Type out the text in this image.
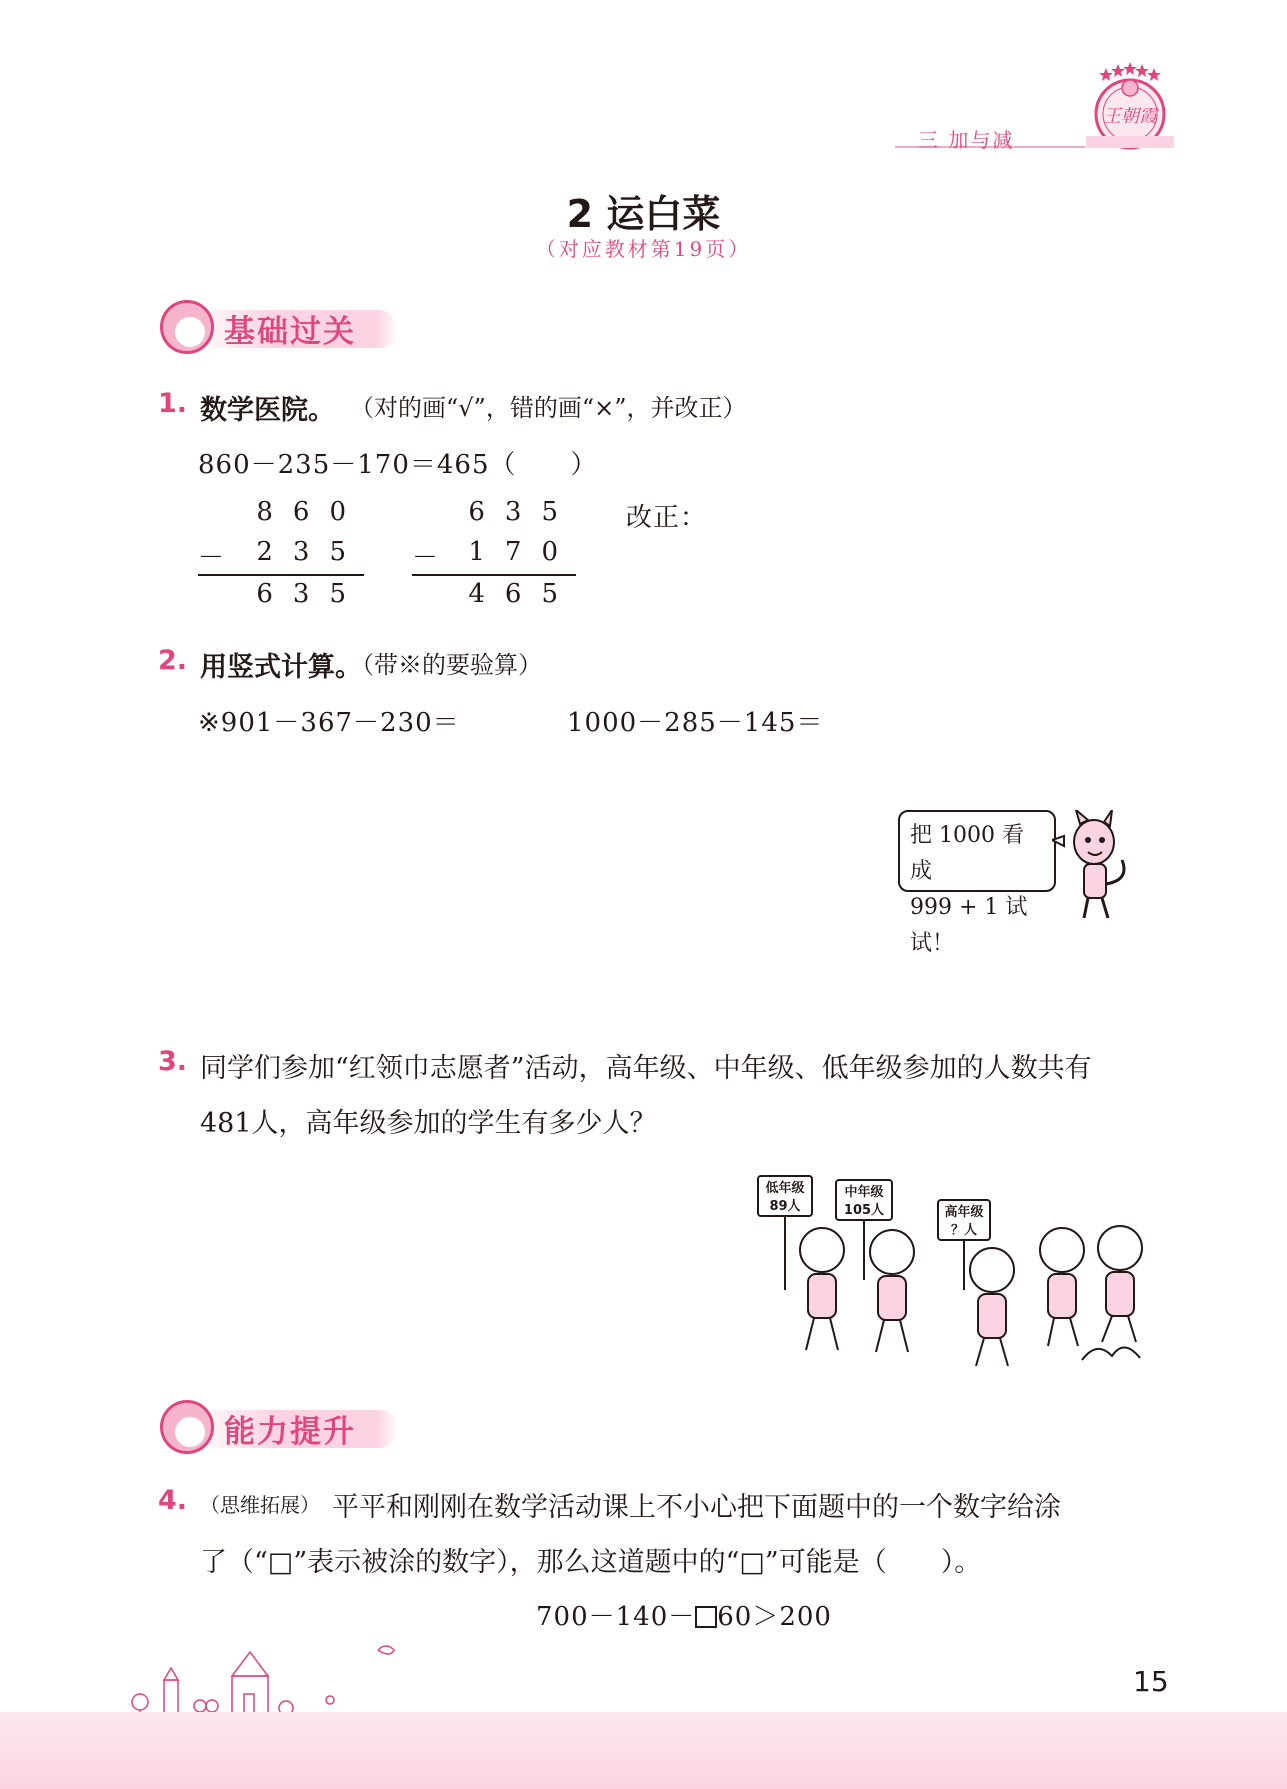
三 加与减
王朝霞
2 运白菜
（对应教材第19页）
基础过关
1. 数学医院。 （对的画“√”，错的画“×”，并改正）
860－235－170＝465（　　）
860
－ 235
635
635
－ 170
465
改正：
2. 用竖式计算。
（带※的要验算）
※901－367－230＝	1000－285－145＝
把 1000 看成
999 + 1 试试！
3. 同学们参加“红领巾志愿者”活动，高年级、中年级、低年级参加的人数共有
481人，高年级参加的学生有多少人？
低年级
89人
中年级
105人	高年级
？人
能力提升
4. （思维拓展） 平平和刚刚在数学活动课上不小心把下面题中的一个数字给涂
了（“□”表示被涂的数字），那么这道题中的“□”可能是（　　）。
700－140－ 60＞200
15
